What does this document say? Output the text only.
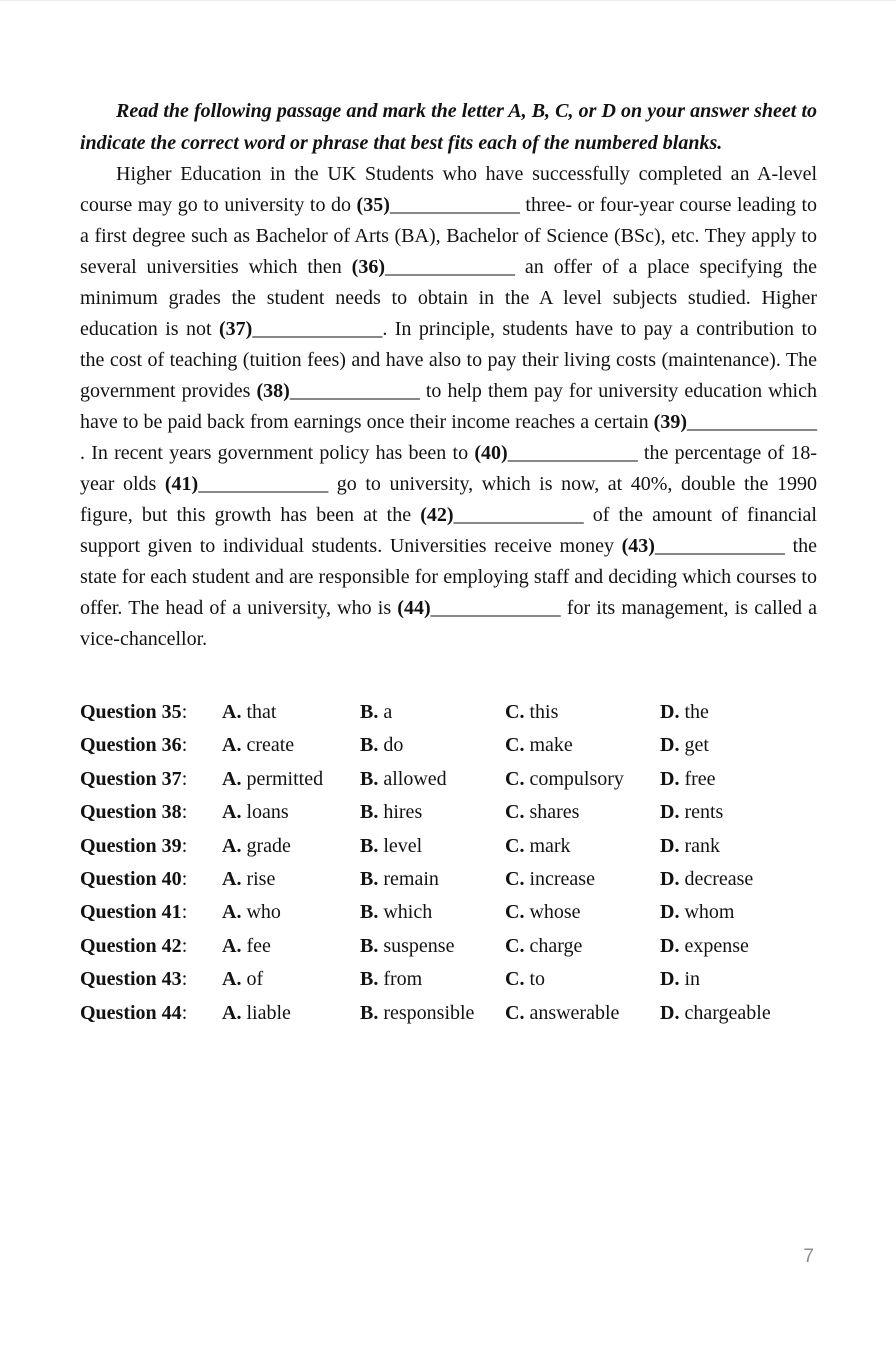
Read the following passage and mark the letter A, B, C, or D on your answer sheet to indicate the correct word or phrase that best fits each of the numbered blanks.

Higher Education in the UK Students who have successfully completed an A-level course may go to university to do (35)_____________ three- or four-year course leading to a first degree such as Bachelor of Arts (BA), Bachelor of Science (BSc), etc. They apply to several universities which then (36)_____________ an offer of a place specifying the minimum grades the student needs to obtain in the A level subjects studied. Higher education is not (37)_____________. In principle, students have to pay a contribution to the cost of teaching (tuition fees) and have also to pay their living costs (maintenance). The government provides (38)_____________ to help them pay for university education which have to be paid back from earnings once their income reaches a certain (39)_____________ . In recent years government policy has been to (40)_____________ the percentage of 18-year olds (41)_____________ go to university, which is now, at 40%, double the 1990 figure, but this growth has been at the (42)_____________ of the amount of financial support given to individual students. Universities receive money (43)_____________ the state for each student and are responsible for employing staff and deciding which courses to offer. The head of a university, who is (44)_____________ for its management, is called a vice-chancellor.

Question 35:	A. that	B. a	C. this	D. the
Question 36:	A. create	B. do	C. make	D. get
Question 37:	A. permitted	B. allowed	C. compulsory	D. free
Question 38:	A. loans	B. hires	C. shares	D. rents
Question 39:	A. grade	B. level	C. mark	D. rank
Question 40:	A. rise	B. remain	C. increase	D. decrease
Question 41:	A. who	B. which	C. whose	D. whom
Question 42:	A. fee	B. suspense	C. charge	D. expense
Question 43:	A. of	B. from	C. to	D. in
Question 44:	A. liable	B. responsible	C. answerable	D. chargeable
7
